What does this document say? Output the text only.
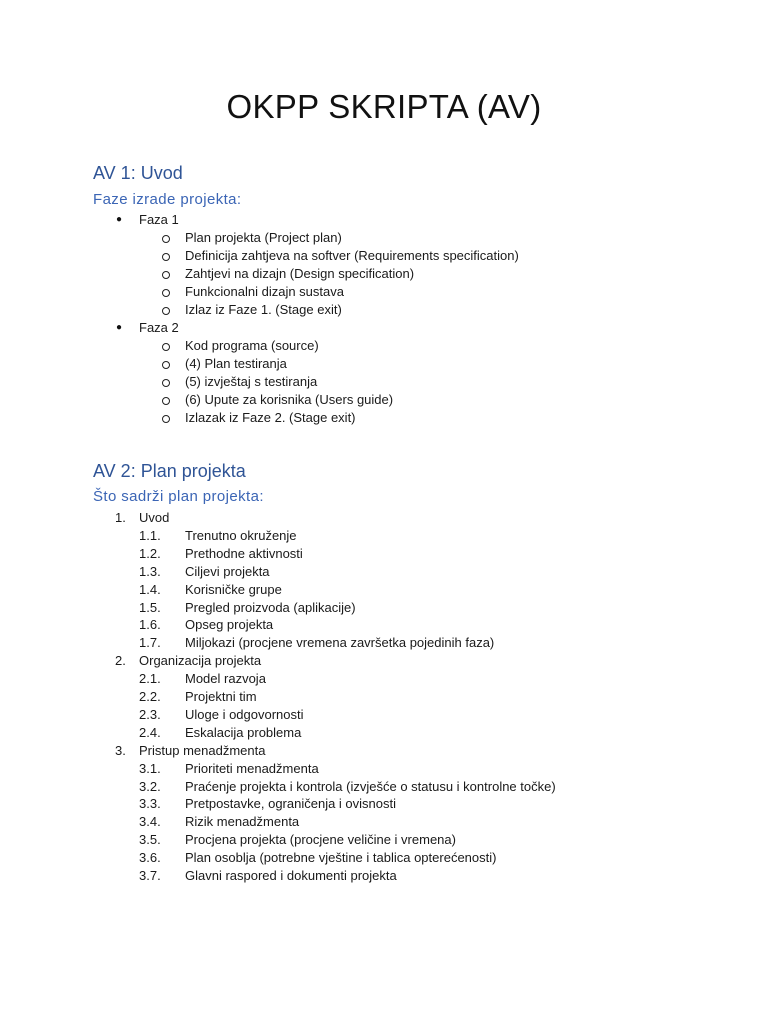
OKPP SKRIPTA (AV)
AV 1: Uvod
Faze izrade projekta:
● Faza 1
Plan projekta (Project plan)
Definicija zahtjeva na softver (Requirements specification)
Zahtjevi na dizajn (Design specification)
Funkcionalni dizajn sustava
Izlaz iz Faze 1. (Stage exit)
● Faza 2
Kod programa (source)
(4) Plan testiranja
(5) izvještaj s testiranja
(6) Upute za korisnika (Users guide)
Izlazak iz Faze 2. (Stage exit)
AV 2: Plan projekta
Što sadrži plan projekta:
1. Uvod
1.1. Trenutno okruženje
1.2. Prethodne aktivnosti
1.3. Ciljevi projekta
1.4. Korisničke grupe
1.5. Pregled proizvoda (aplikacije)
1.6. Opseg projekta
1.7. Miljokazi (procjene vremena završetka pojedinih faza)
2. Organizacija projekta
2.1. Model razvoja
2.2. Projektni tim
2.3. Uloge i odgovornosti
2.4. Eskalacija problema
3. Pristup menadžmenta
3.1. Prioriteti menadžmenta
3.2. Praćenje projekta i kontrola (izvješće o statusu i kontrolne točke)
3.3. Pretpostavke, ograničenja i ovisnosti
3.4. Rizik menadžmenta
3.5. Procjena projekta (procjene veličine i vremena)
3.6. Plan osoblja (potrebne vještine i tablica opterećenosti)
3.7. Glavni raspored i dokumenti projekta
